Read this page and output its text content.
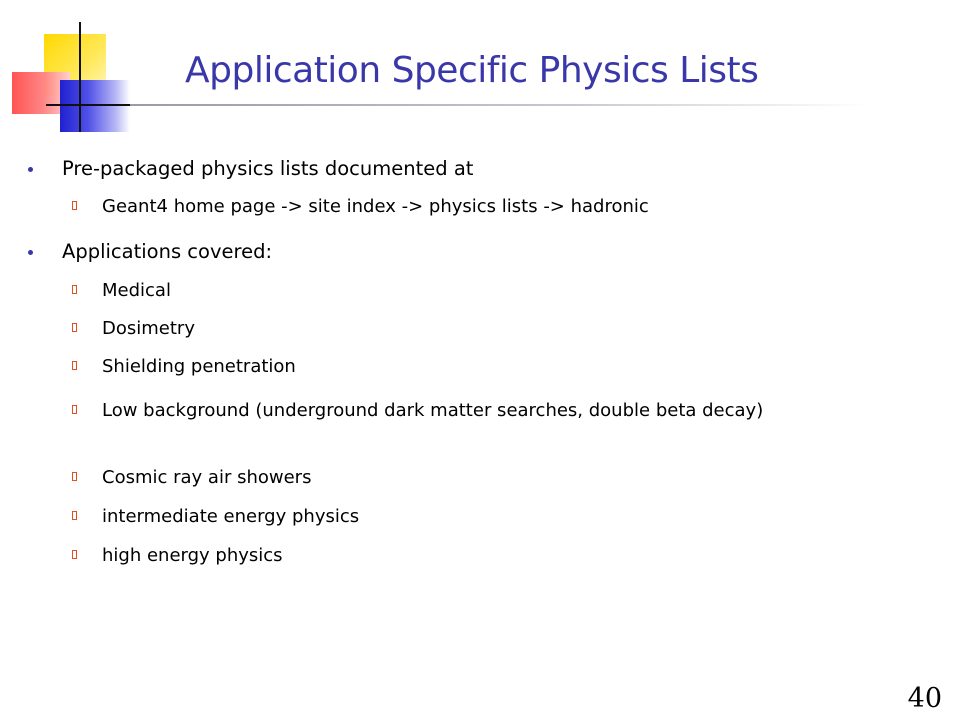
Application Specific Physics Lists
Pre-packaged physics lists documented at
Geant4 home page -> site index -> physics lists -> hadronic
Applications covered:
Medical
Dosimetry
Shielding penetration
Low background (underground dark matter searches, double beta decay)
Cosmic ray air showers
intermediate energy physics
high energy physics
40
